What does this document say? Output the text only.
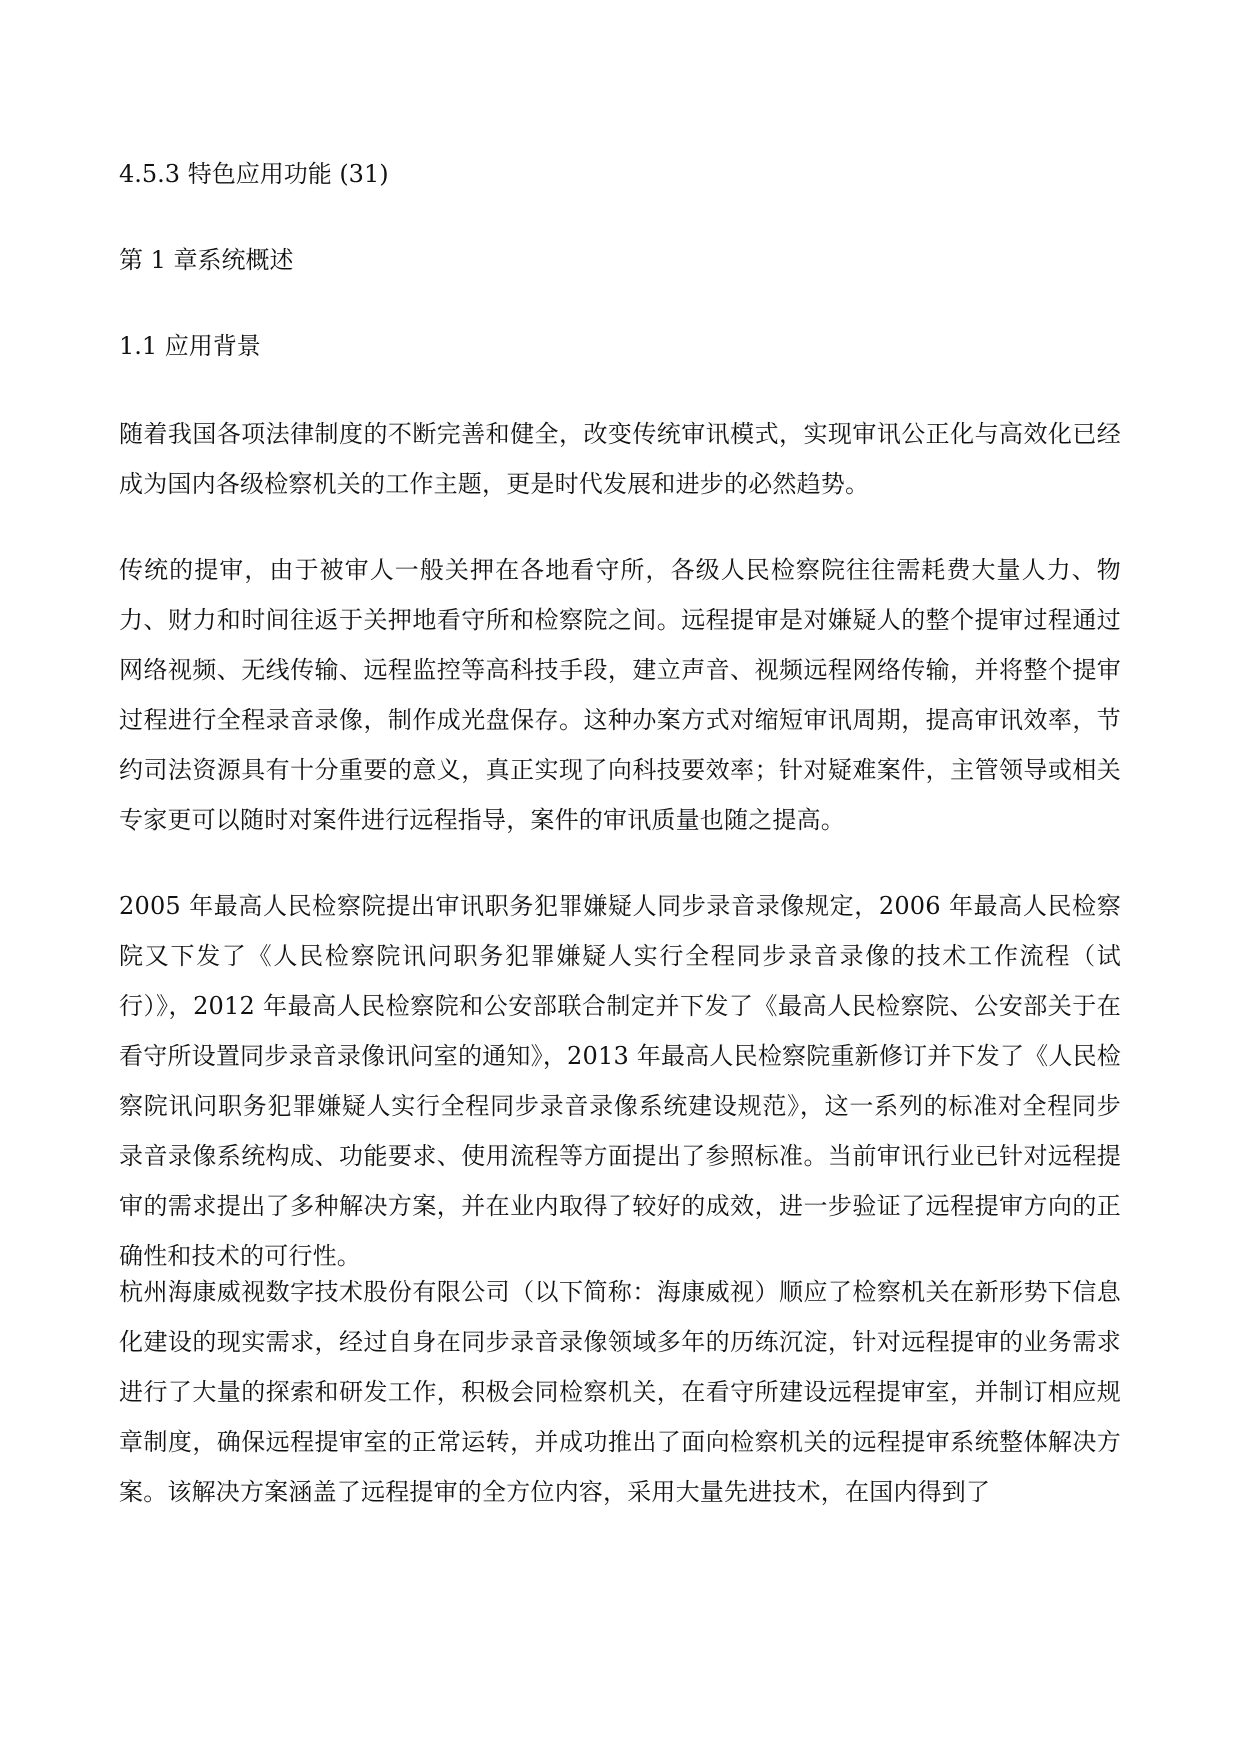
4.5.3 特色应用功能 (31)
第 1 章系统概述
1.1 应用背景
随着我国各项法律制度的不断完善和健全，改变传统审讯模式，实现审讯公正化与高效化已经成为国内各级检察机关的工作主题，更是时代发展和进步的必然趋势。
传统的提审，由于被审人一般关押在各地看守所，各级人民检察院往往需耗费大量人力、物力、财力和时间往返于关押地看守所和检察院之间。远程提审是对嫌疑人的整个提审过程通过网络视频、无线传输、远程监控等高科技手段，建立声音、视频远程网络传输，并将整个提审过程进行全程录音录像，制作成光盘保存。这种办案方式对缩短审讯周期，提高审讯效率，节约司法资源具有十分重要的意义，真正实现了向科技要效率；针对疑难案件，主管领导或相关专家更可以随时对案件进行远程指导，案件的审讯质量也随之提高。
2005 年最高人民检察院提出审讯职务犯罪嫌疑人同步录音录像规定，2006 年最高人民检察院又下发了《人民检察院讯问职务犯罪嫌疑人实行全程同步录音录像的技术工作流程（试行）》，2012 年最高人民检察院和公安部联合制定并下发了《最高人民检察院、公安部关于在看守所设置同步录音录像讯问室的通知》，2013 年最高人民检察院重新修订并下发了《人民检察院讯问职务犯罪嫌疑人实行全程同步录音录像系统建设规范》，这一系列的标准对全程同步录音录像系统构成、功能要求、使用流程等方面提出了参照标准。当前审讯行业已针对远程提审的需求提出了多种解决方案，并在业内取得了较好的成效，进一步验证了远程提审方向的正确性和技术的可行性。
杭州海康威视数字技术股份有限公司（以下简称：海康威视）顺应了检察机关在新形势下信息化建设的现实需求，经过自身在同步录音录像领域多年的历练沉淀，针对远程提审的业务需求进行了大量的探索和研发工作，积极会同检察机关，在看守所建设远程提审室，并制订相应规章制度，确保远程提审室的正常运转，并成功推出了面向检察机关的远程提审系统整体解决方案。该解决方案涵盖了远程提审的全方位内容，采用大量先进技术，在国内得到了
